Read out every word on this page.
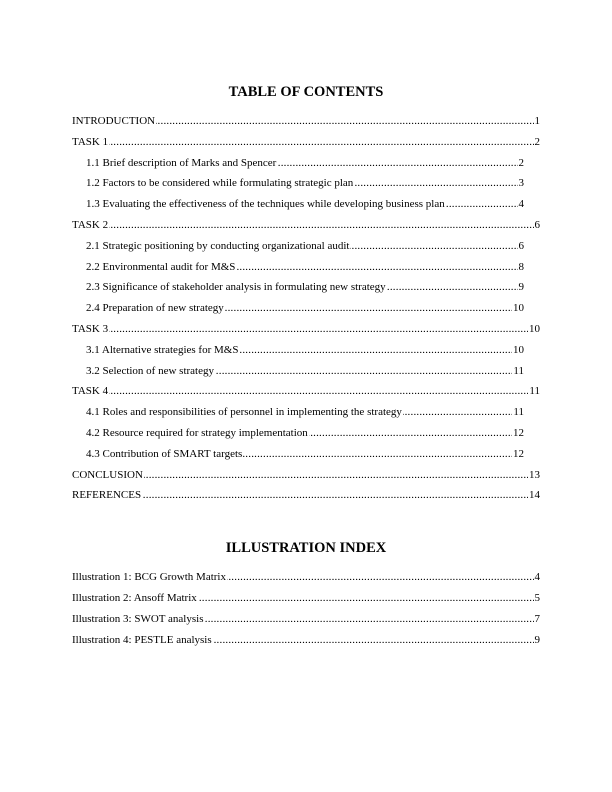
TABLE OF CONTENTS
.....
INTRODUCTION	1
.....
TASK 1	2
.....
1.1 Brief description of Marks and Spencer	2
.....
1.2 Factors to be considered while formulating strategic plan	3
.....
1.3 Evaluating the effectiveness of the techniques while developing business plan	4
.....
TASK 2	6
.....
2.1 Strategic positioning by conducting organizational audit	6
.....
2.2 Environmental audit for M&S	8
.....
2.3 Significance of stakeholder analysis in formulating new strategy	9
.....
2.4 Preparation of new strategy	10
.....
TASK 3	10
.....
3.1 Alternative strategies for M&S	10
.....
3.2 Selection of new strategy	11
.....
TASK 4	11
.....
4.1 Roles and responsibilities of personnel in implementing the strategy	11
.....
4.2 Resource required for strategy implementation	12
.....
4.3 Contribution of SMART targets	12
.....
CONCLUSION	13
.....
REFERENCES	14
ILLUSTRATION INDEX
.....
Illustration 1: BCG Growth Matrix	4
.....
Illustration 2: Ansoff Matrix	5
.....
Illustration 3: SWOT analysis	7
.....
Illustration 4: PESTLE analysis	9
